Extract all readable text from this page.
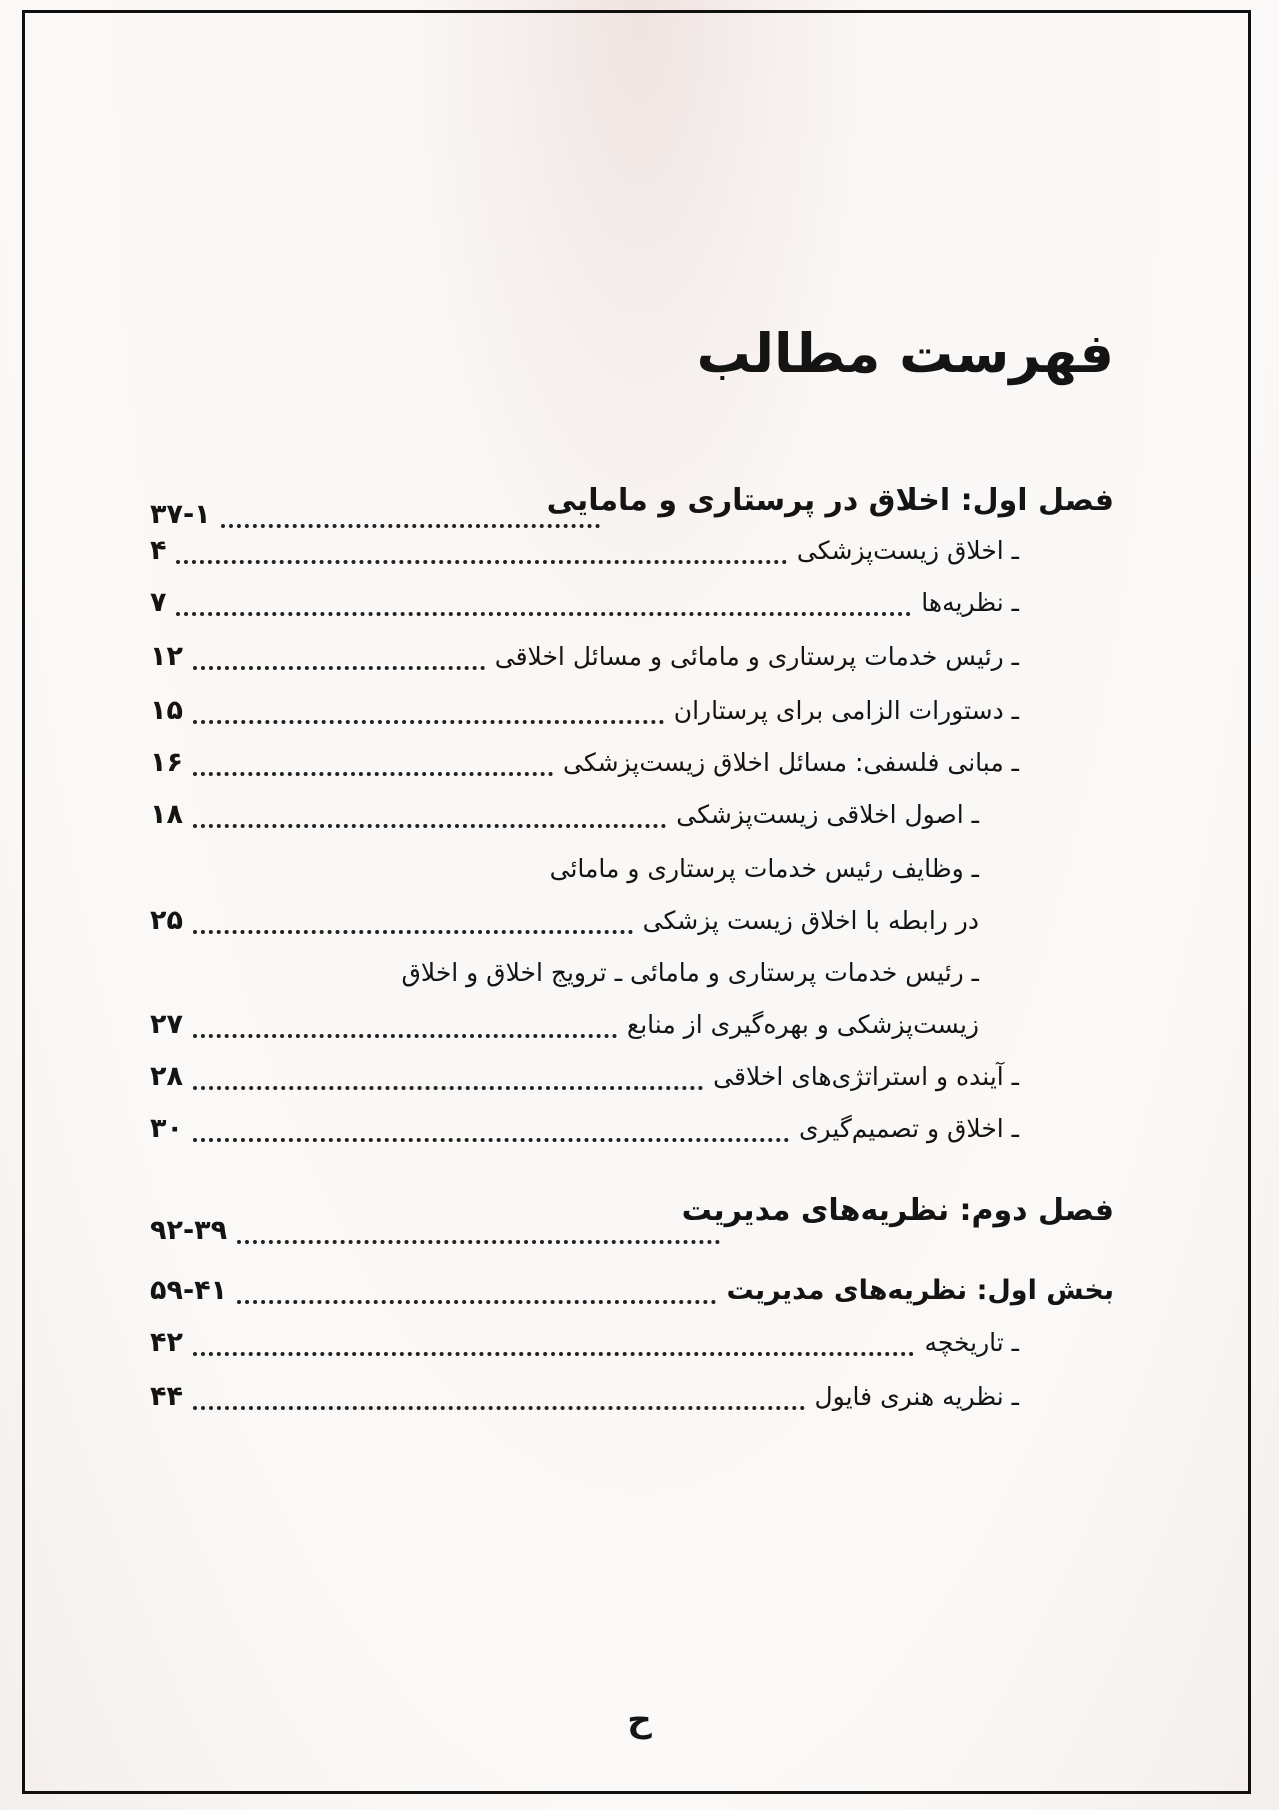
فهرست مطالب
فصل اول: اخلاق در پرستاری و مامایی
۳۷-۱
ـ اخلاق زیست‌پزشکی
۴
ـ نظریه‌ها
۷
ـ رئیس خدمات پرستاری و مامائی و مسائل اخلاقی
۱۲
ـ دستورات الزامی برای پرستاران
۱۵
ـ مبانی فلسفی: مسائل اخلاق زیست‌پزشکی
۱۶
ـ اصول اخلاقی زیست‌پزشکی
۱۸
ـ وظایف رئیس خدمات پرستاری و مامائی
در رابطه با اخلاق زیست پزشکی
۲۵
ـ رئیس خدمات پرستاری و مامائی ـ ترویج اخلاق و اخلاق
زیست‌پزشکی و بهره‌گیری از منابع
۲۷
ـ آینده و استراتژی‌های اخلاقی
۲۸
ـ اخلاق و تصمیم‌گیری
۳۰
فصل دوم: نظریه‌های مدیریت
۹۲-۳۹
بخش اول: نظریه‌های مدیریت
۵۹-۴۱
ـ تاریخچه
۴۲
ـ نظریه هنری فایول
۴۴
ح
